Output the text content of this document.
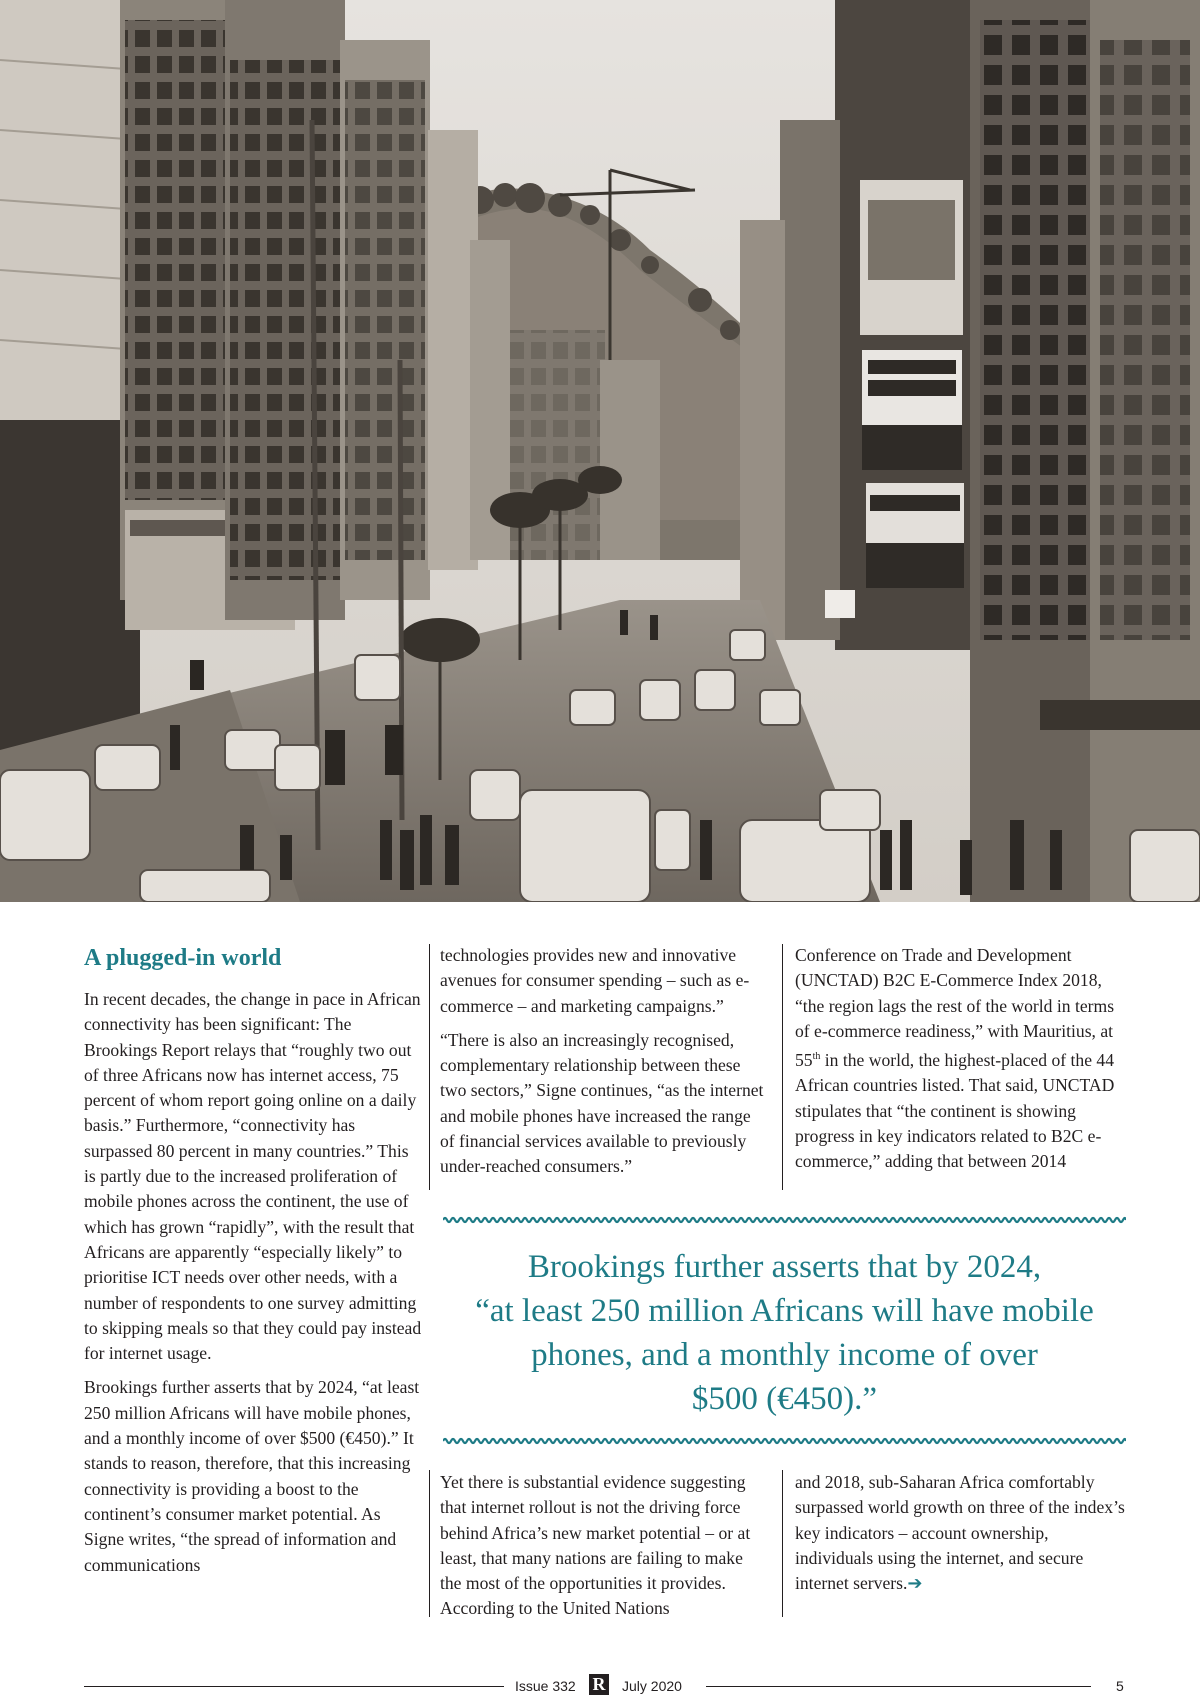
A plugged-in world

In recent decades, the change in pace in African connectivity has been significant: The Brookings Report relays that “roughly two out of three Africans now has internet access, 75 percent of whom report going online on a daily basis.” Furthermore, “connectivity has surpassed 80 percent in many countries.” This is partly due to the increased proliferation of mobile phones across the continent, the use of which has grown “rapidly”, with the result that Africans are apparently “especially likely” to prioritise ICT needs over other needs, with a number of respondents to one survey admitting to skipping meals so that they could pay instead for internet usage.

Brookings further asserts that by 2024, “at least 250 million Africans will have mobile phones, and a monthly income of over $500 (€450).” It stands to reason, therefore, that this increasing connectivity is providing a boost to the continent’s consumer market potential. As Signe writes, “the spread of information and communications

technologies provides new and innovative avenues for consumer spending – such as e-commerce – and marketing campaigns.”

“There is also an increasingly recognised, complementary relationship between these two sectors,” Signe continues, “as the internet and mobile phones have increased the range of financial services available to previously under-reached consumers.”

Conference on Trade and Development (UNCTAD) B2C E-Commerce Index 2018, “the region lags the rest of the world in terms of e-commerce readiness,” with Mauritius, at 55th in the world, the highest-placed of the 44 African countries listed. That said, UNCTAD stipulates that “the continent is showing progress in key indicators related to B2C e-commerce,” adding that between 2014

Brookings further asserts that by 2024,
“at least 250 million Africans will have mobile
phones, and a monthly income of over
$500 (€450).”

Yet there is substantial evidence suggesting that internet rollout is not the driving force behind Africa’s new market potential – or at least, that many nations are failing to make the most of the opportunities it provides. According to the United Nations

and 2018, sub-Saharan Africa comfortably surpassed world growth on three of the index’s key indicators – account ownership, individuals using the internet, and secure internet servers.➔

Issue 332 R July 2020	5
